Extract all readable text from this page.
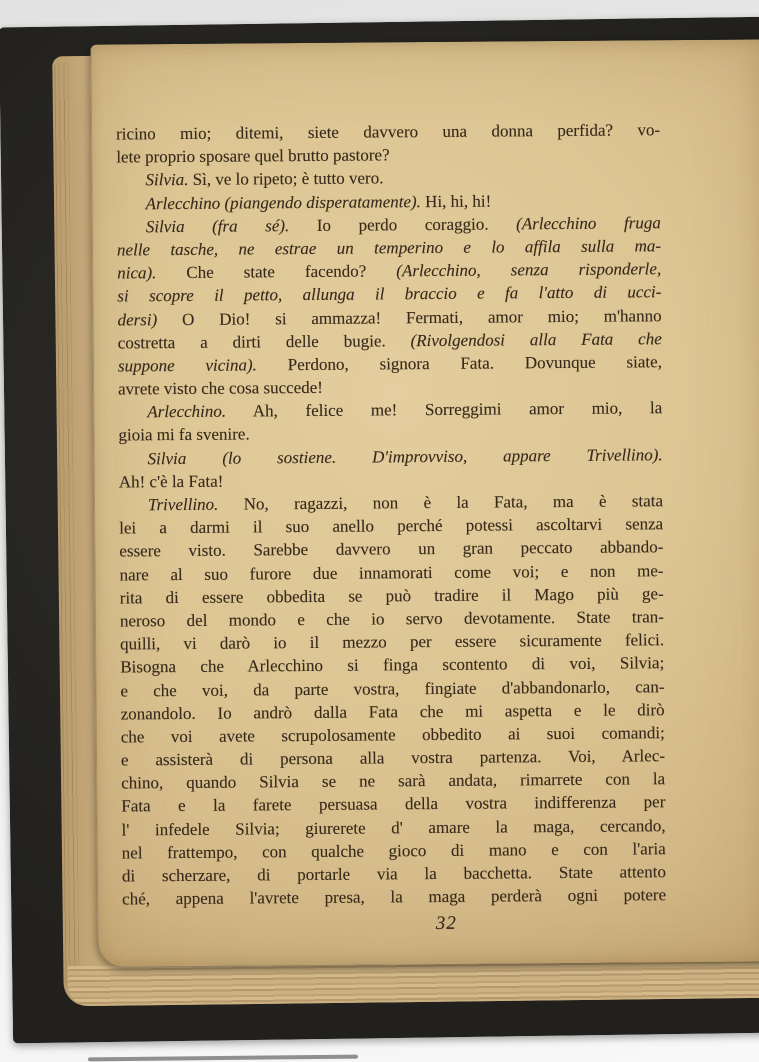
ricino mio; ditemi, siete davvero una donna perfida? vo-
lete proprio sposare quel brutto pastore?
Silvia. Sì, ve lo ripeto; è tutto vero.
Arlecchino (piangendo disperatamente). Hi, hi, hi!
Silvia (fra sé). Io perdo coraggio. (Arlecchino fruga
nelle tasche, ne estrae un temperino e lo affila sulla ma-
nica). Che state facendo? (Arlecchino, senza risponderle,
si scopre il petto, allunga il braccio e fa l'atto di ucci-
dersi) O Dio! si ammazza! Fermati, amor mio; m'hanno
costretta a dirti delle bugie. (Rivolgendosi alla Fata che
suppone vicina). Perdono, signora Fata. Dovunque siate,
avrete visto che cosa succede!
Arlecchino. Ah, felice me! Sorreggimi amor mio, la
gioia mi fa svenire.
Silvia (lo sostiene. D'improvviso, appare Trivellino).
Ah! c'è la Fata!
Trivellino. No, ragazzi, non è la Fata, ma è stata
lei a darmi il suo anello perché potessi ascoltarvi senza
essere visto. Sarebbe davvero un gran peccato abbando-
nare al suo furore due innamorati come voi; e non me-
rita di essere obbedita se può tradire il Mago più ge-
neroso del mondo e che io servo devotamente. State tran-
quilli, vi darò io il mezzo per essere sicuramente felici.
Bisogna che Arlecchino si finga scontento di voi, Silvia;
e che voi, da parte vostra, fingiate d'abbandonarlo, can-
zonandolo. Io andrò dalla Fata che mi aspetta e le dirò
che voi avete scrupolosamente obbedito ai suoi comandi;
e assisterà di persona alla vostra partenza. Voi, Arlec-
chino, quando Silvia se ne sarà andata, rimarrete con la
Fata e la farete persuasa della vostra indifferenza per
l' infedele Silvia; giurerete d' amare la maga, cercando,
nel frattempo, con qualche gioco di mano e con l'aria
di scherzare, di portarle via la bacchetta. State attento
ché, appena l'avrete presa, la maga perderà ogni potere
32
